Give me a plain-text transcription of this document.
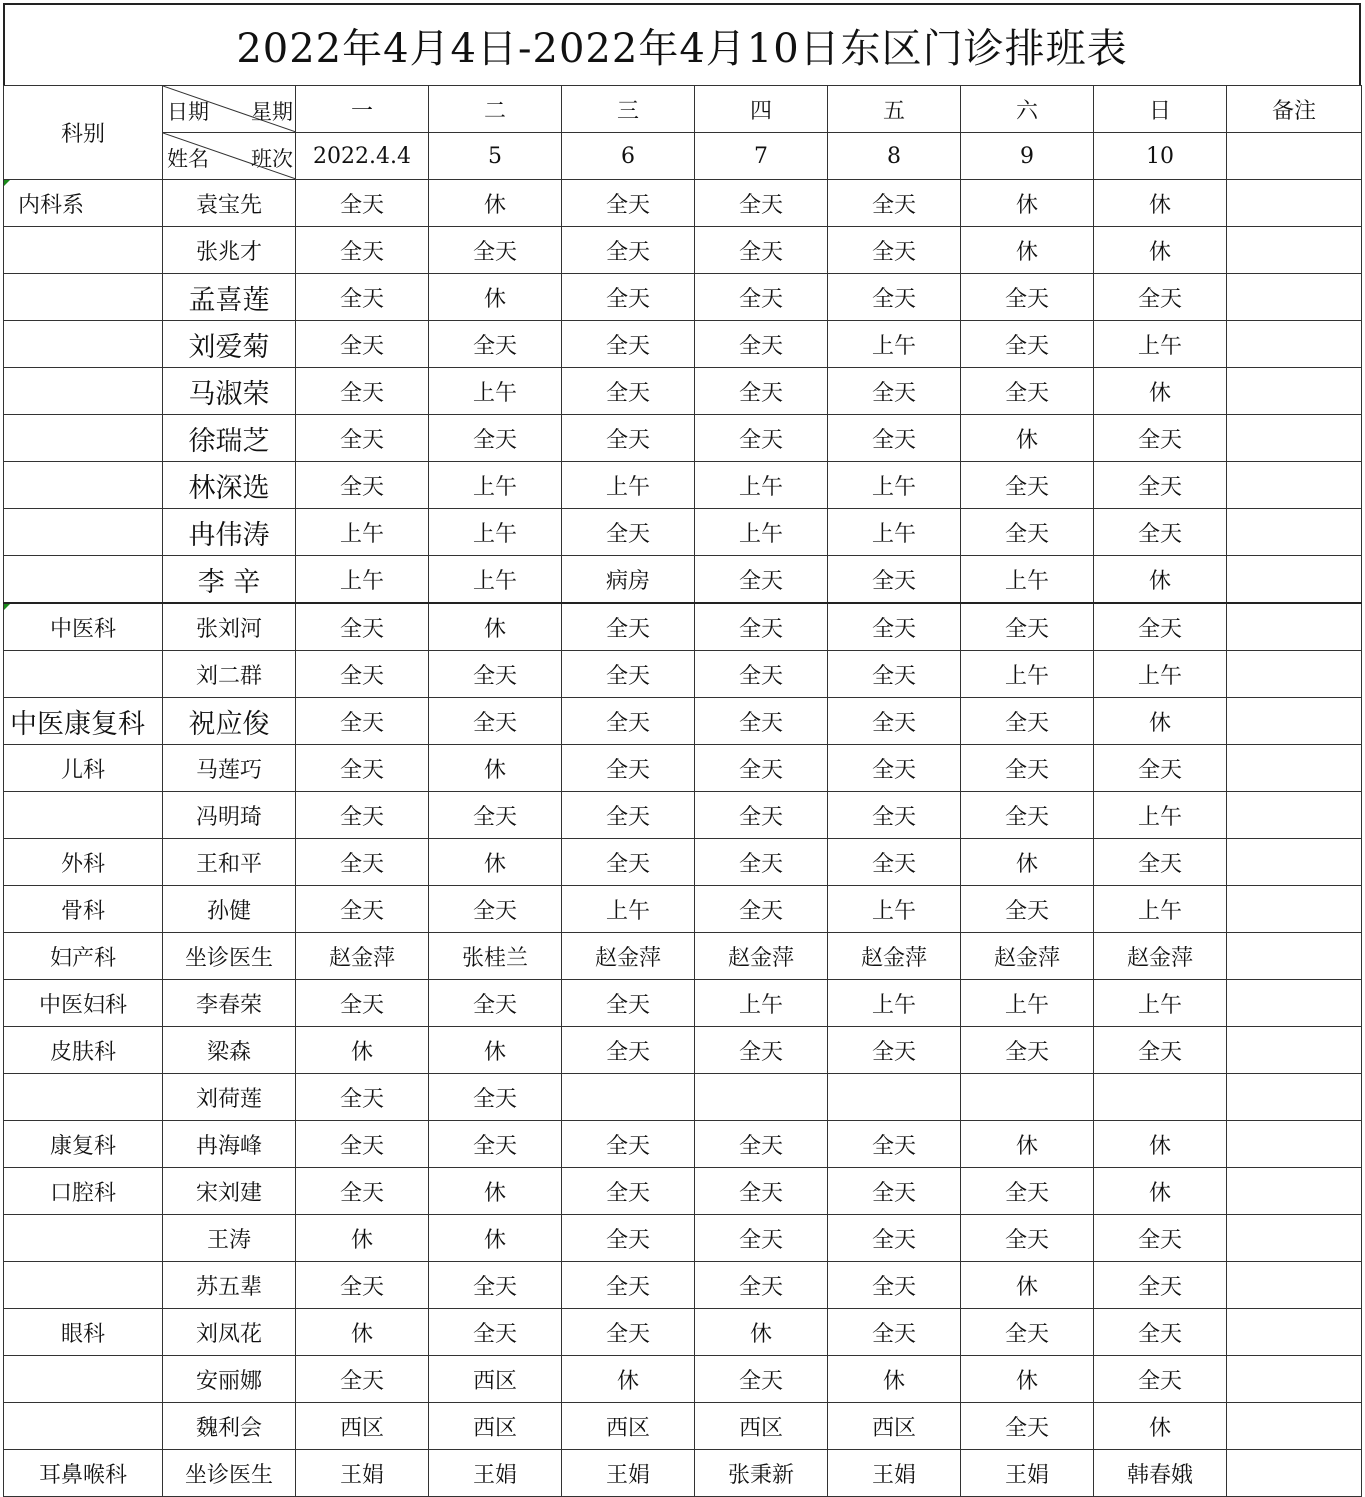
2022年4月4日-2022年4月10日东区门诊排班表
科别	日期 星期	一	二	三	四	五	六	日	备注

	姓名 班次	2022.4.4	5	6	7	8	9	10	

内科系	袁宝先	全天	休	全天	全天	全天	休	休	
	张兆才	全天	全天	全天	全天	全天	休	休	
	孟喜莲	全天	休	全天	全天	全天	全天	全天	
	刘爱菊	全天	全天	全天	全天	上午	全天	上午	
	马淑荣	全天	上午	全天	全天	全天	全天	休	
	徐瑞芝	全天	全天	全天	全天	全天	休	全天	
	林深选	全天	上午	上午	上午	上午	全天	全天	
	冉伟涛	上午	上午	全天	上午	上午	全天	全天	
	李 辛	上午	上午	病房	全天	全天	上午	休	

中医科	张刘河	全天	休	全天	全天	全天	全天	全天	
	刘二群	全天	全天	全天	全天	全天	上午	上午	
中医康复科	祝应俊	全天	全天	全天	全天	全天	全天	休	
儿科	马莲巧	全天	休	全天	全天	全天	全天	全天	
	冯明琦	全天	全天	全天	全天	全天	全天	上午	
外科	王和平	全天	休	全天	全天	全天	休	全天	
骨科	孙健	全天	全天	上午	全天	上午	全天	上午	
妇产科	坐诊医生	赵金萍	张桂兰	赵金萍	赵金萍	赵金萍	赵金萍	赵金萍	
中医妇科	李春荣	全天	全天	全天	上午	上午	上午	上午	
皮肤科	梁森	休	休	全天	全天	全天	全天	全天	
	刘荷莲	全天	全天						
康复科	冉海峰	全天	全天	全天	全天	全天	休	休	
口腔科	宋刘建	全天	休	全天	全天	全天	全天	休	
	王涛	休	休	全天	全天	全天	全天	全天	
	苏五辈	全天	全天	全天	全天	全天	休	全天	
眼科	刘凤花	休	全天	全天	休	全天	全天	全天	
	安丽娜	全天	西区	休	全天	休	休	全天	
	魏利会	西区	西区	西区	西区	西区	全天	休	
耳鼻喉科	坐诊医生	王娟	王娟	王娟	张秉新	王娟	王娟	韩春娥	
